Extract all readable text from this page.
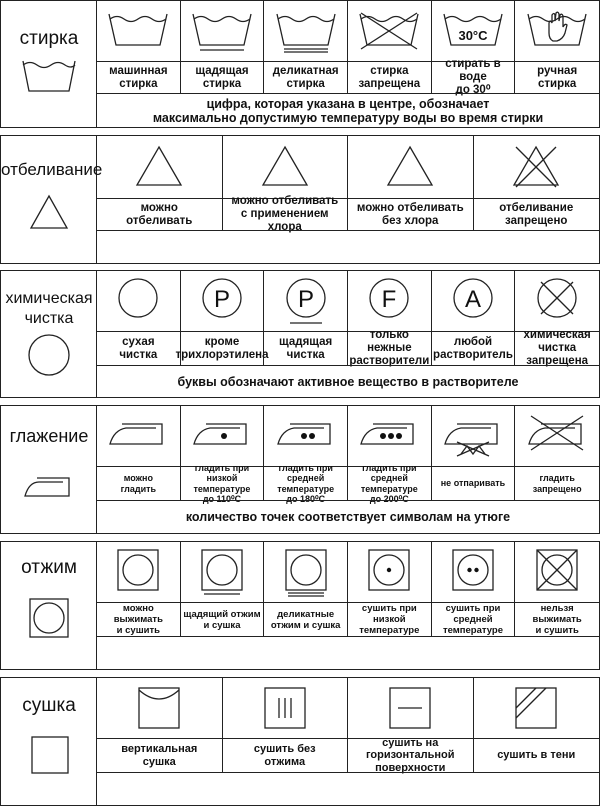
стирка
машинная
стирка
щадящая
стирка
деликатная
стирка
стирка
запрещена
30°C
стирать в воде
до 30⁰
ручная
стирка
цифра, которая указана в центре, обозначает
максимально допустимую температуру воды во время стирки
отбеливание
можно
отбеливать
можно отбеливать
с применением хлора
можно отбеливать
без хлора
отбеливание
запрещено
химическая
чистка
сухая
чистка
P
кроме
трихлорэтилена
P
щадящая
чистка
F
только нежные
растворители
A
любой
растворитель
химическая
чистка запрещена
буквы обозначают активное вещество в растворителе
глажение
можно
гладить
гладить при низкой
температуре
до 110⁰С
гладить при средней
температуре
до 180⁰С
гладить при средней
температуре
до 200⁰С
не отпаривать
гладить
запрещено
количество точек соответствует символам на утюге
отжим
можно выжимать
и сушить
щадящий отжим
и сушка
деликатные
отжим и сушка
сушить при низкой
температуре
сушить при средней
температуре
нельзя выжимать
и сушить
сушка
вертикальная
сушка
сушить без
отжима
сушить на
горизонтальной
поверхности
сушить в тени
